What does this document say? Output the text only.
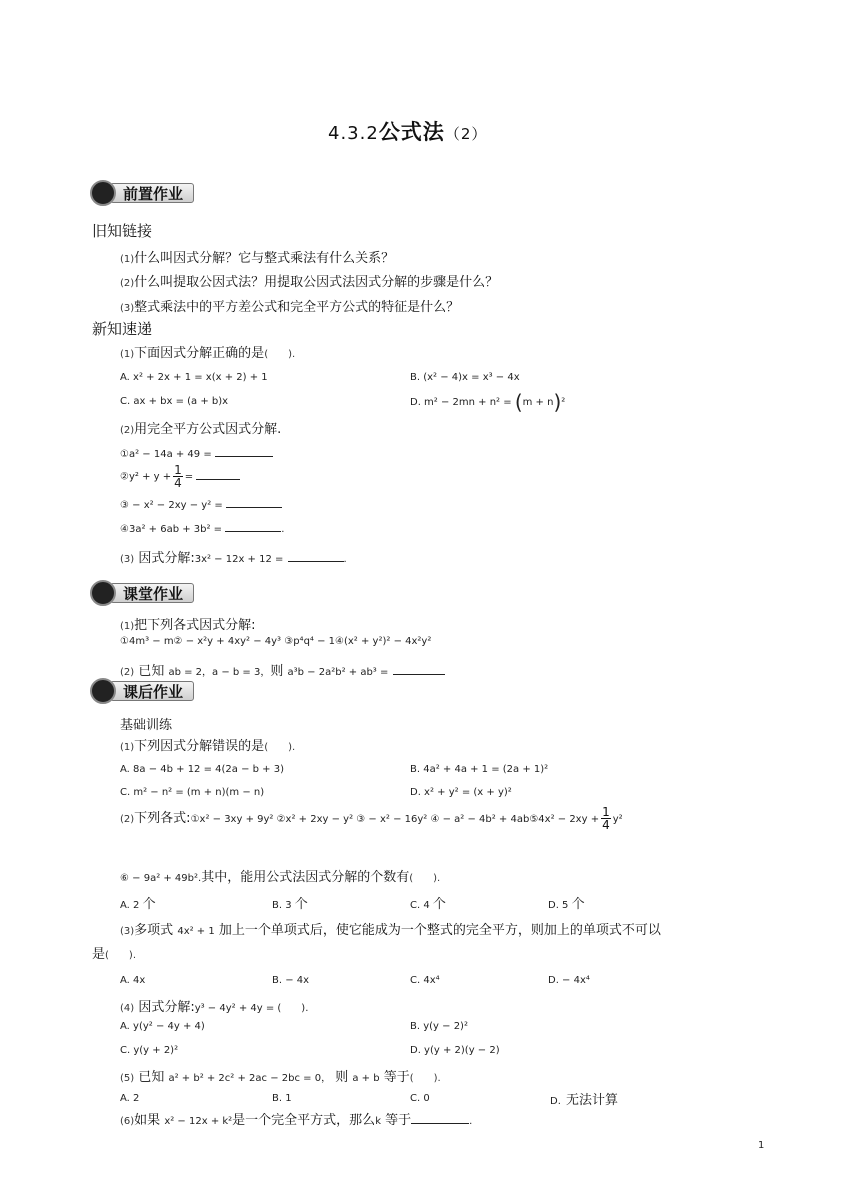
4.3.2公式法（2）
前置作业
旧知链接
(1)什么叫因式分解？它与整式乘法有什么关系？
(2)什么叫提取公因式法？用提取公因式法因式分解的步骤是什么？
(3)整式乘法中的平方差公式和完全平方公式的特征是什么？
新知速递
(1)下面因式分解正确的是(　　).
A. x² + 2x + 1 = x(x + 2) + 1	B. (x² − 4)x = x³ − 4x
C. ax + bx = (a + b)x	D. m² − 2mn + n² = (m + n)²
(2)用完全平方公式因式分解.
①a² − 14a + 49 =
②y² + $y + \frac{1}{4}$ =
③ − x² − 2xy − y² =
④3a² + 6ab + 3b² =	.
(3) 因式分解:3x² − 12x + 12 =	.
课堂作业
(1)把下列各式因式分解:
①4m³ − m② − x²y + 4xy² − 4y³ ③p⁴q⁴ − 1④(x² + y²)² − 4x²y²
(2) 已知 ab = 2，a − b = 3，则 a³b − 2a²b² + ab³ =
课后作业
基础训练
(1)下列因式分解错误的是(　　).
A. 8a − 4b + 12 = 4(2a − b + 3)	B. 4a² + 4a + 1 = (2a + 1)²
C. m² − n² = (m + n)(m − n)	D. x² + y² = (x + y)²
(2)下列各式:①x² − 3xy + 9y² ②x² + 2xy − y² ③ − x² − 16y² ④ − a² − 4b² + 4ab⑤4x² − $2xy + \frac{1}{4} y^2$
⑥ − 9a² + 49b².其中，能用公式法因式分解的个数有(　　).
A. 2 个	B. 3 个	C. 4 个	D. 5 个
(3)多项式 4x² + 1 加上一个单项式后，使它能成为一个整式的完全平方，则加上的单项式不可以
是(　　).
A. 4x	B. − 4x	C. 4x⁴	D. − 4x⁴
(4) 因式分解:y³ − 4y² + 4y = (　　).
A. y(y² − 4y + 4)	B. y(y − 2)²
C. y(y + 2)²	D. y(y + 2)(y − 2)
(5) 已知 a² + b² + 2c² + 2ac − 2bc = 0， 则 a + b 等于(　　).
A. 2	B. 1	C. 0	D. 无法计算
(6)如果 x² − 12x + k²是一个完全平方式，那么k 等于	.
1
